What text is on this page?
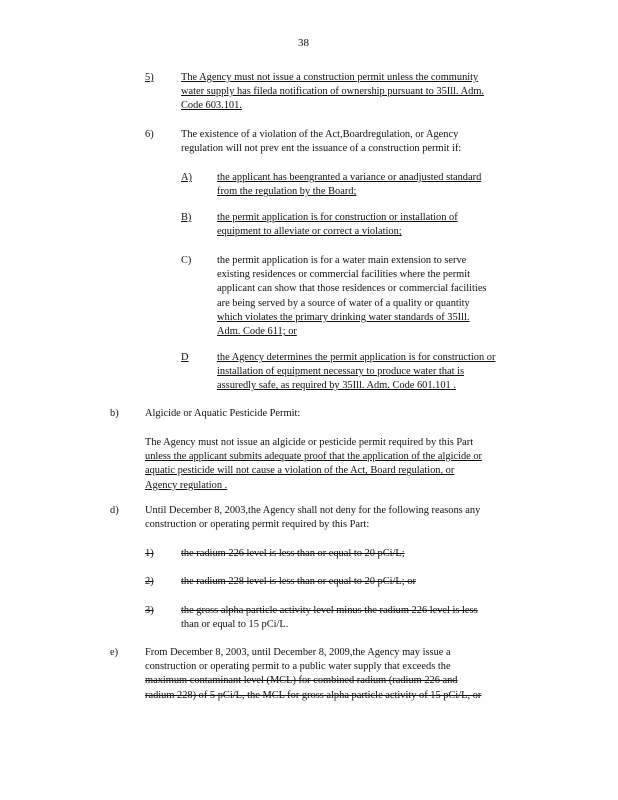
38
5)	The Agency must not issue a construction permit unless the community
water supply has fileda notification of ownership pursuant to 35Ill. Adm.
Code 603.101.
6)	The existence of a violation of the Act,Boardregulation, or Agency
regulation will not prev ent the issuance of a construction permit if:
A) the applicant has beengranted a variance or anadjusted standard
from the regulation by the Board;
B) the permit application is for construction or installation of
equipment to alleviate or correct a violation;
C) the permit application is for a water main extension to serve
existing residences or commercial facilities where the permit
applicant can show that those residences or commercial facilities
are being served by a source of water of a quality or quantity
which violates the primary drinking water standards of 35Ill.
Adm. Code 611; or
D	the Agency determines the permit application is for construction or
installation of equipment necessary to produce water that is
assuredly safe, as required by 35Ill. Adm. Code 601.101 .
b)	Algicide or Aquatic Pesticide Permit:
The Agency must not issue an algicide or pesticide permit required by this Part
unless the applicant submits adequate proof that the application of the algicide or
aquatic pesticide will not cause a violation of the Act, Board regulation, or
Agency regulation .
d)	Until December 8, 2003,the Agency shall not deny for the following reasons any
construction or operating permit required by this Part:
1)	the radium 226 level is less than or equal to 20 pCi/L;
2)	the radium 228 level is less than or equal to 20 pCi/L; or
3)	the gross alpha particle activity level minus the radium 226 level is less
than or equal to 15 pCi/L.
e)	From December 8, 2003, until December 8, 2009,the Agency may issue a
construction or operating permit to a public water supply that exceeds the
maximum contaminant level (MCL) for combined radium (radium 226 and
radium 228) of 5 pCi/L, the MCL for gross alpha particle activity of 15 pCi/L, or
